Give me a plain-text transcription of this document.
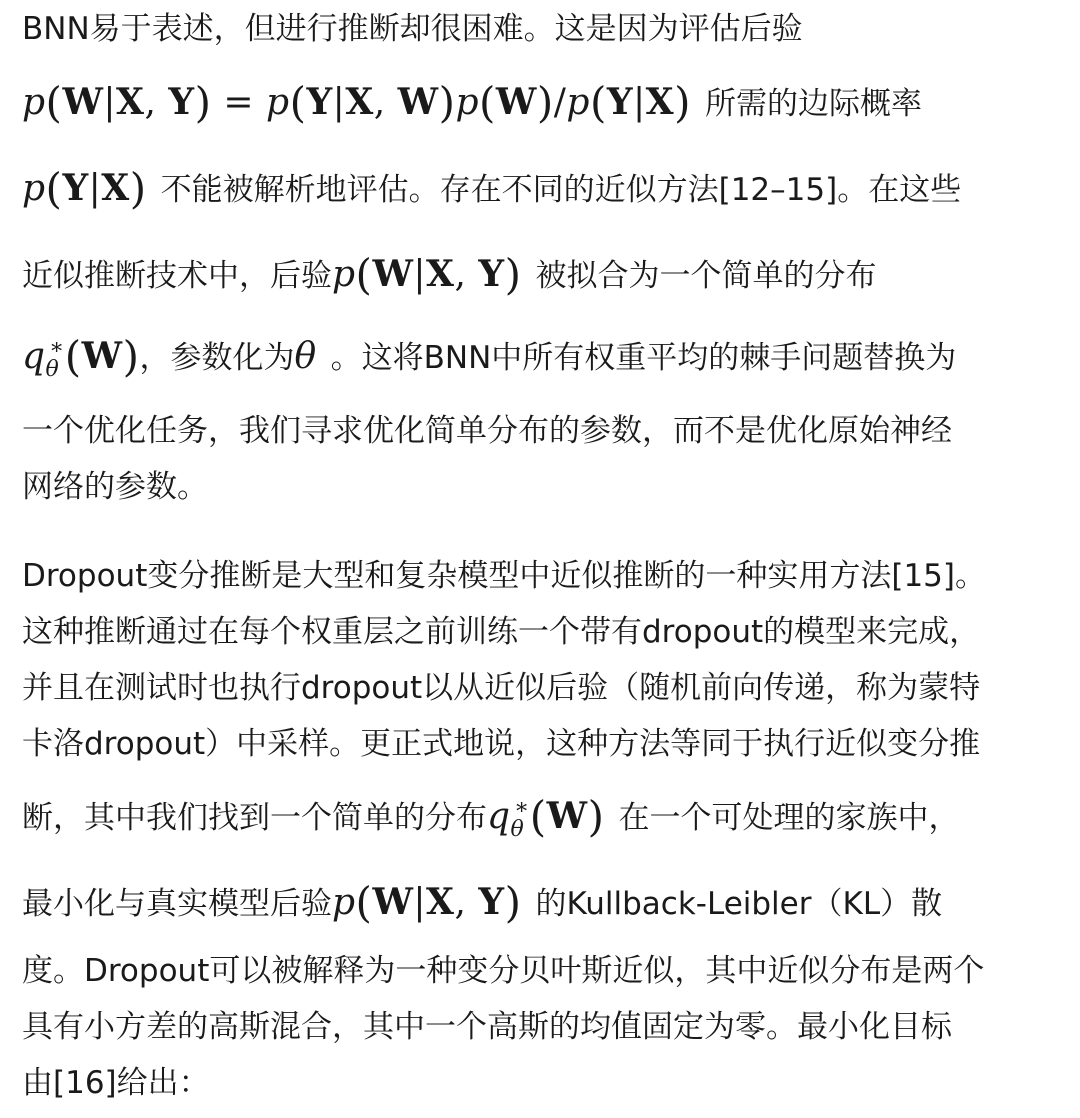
BNN易于表述，但进行推断却很困难。这是因为评估后验
p(W|X, Y) = p(Y|X, W)p(W)/p(Y|X) 所需的边际概率
p(Y|X) 不能被解析地评估。存在不同的近似方法[12–15]。在这些
近似推断技术中，后验p(W|X, Y) 被拟合为一个简单的分布
$q_\theta^∗(W)$，参数化为θ 。这将BNN中所有权重平均的棘手问题替换为
一个优化任务，我们寻求优化简单分布的参数，而不是优化原始神经
网络的参数。
Dropout变分推断是大型和复杂模型中近似推断的一种实用方法[15]。
这种推断通过在每个权重层之前训练一个带有dropout的模型来完成，
并且在测试时也执行dropout以从近似后验（随机前向传递，称为蒙特
卡洛dropout）中采样。更正式地说，这种方法等同于执行近似变分推
断，其中我们找到一个简单的分布$q_\theta^∗(W)$ 在一个可处理的家族中，
最小化与真实模型后验p(W|X, Y) 的Kullback-Leibler（KL）散
度。Dropout可以被解释为一种变分贝叶斯近似，其中近似分布是两个
具有小方差的高斯混合，其中一个高斯的均值固定为零。最小化目标
由[16]给出：
